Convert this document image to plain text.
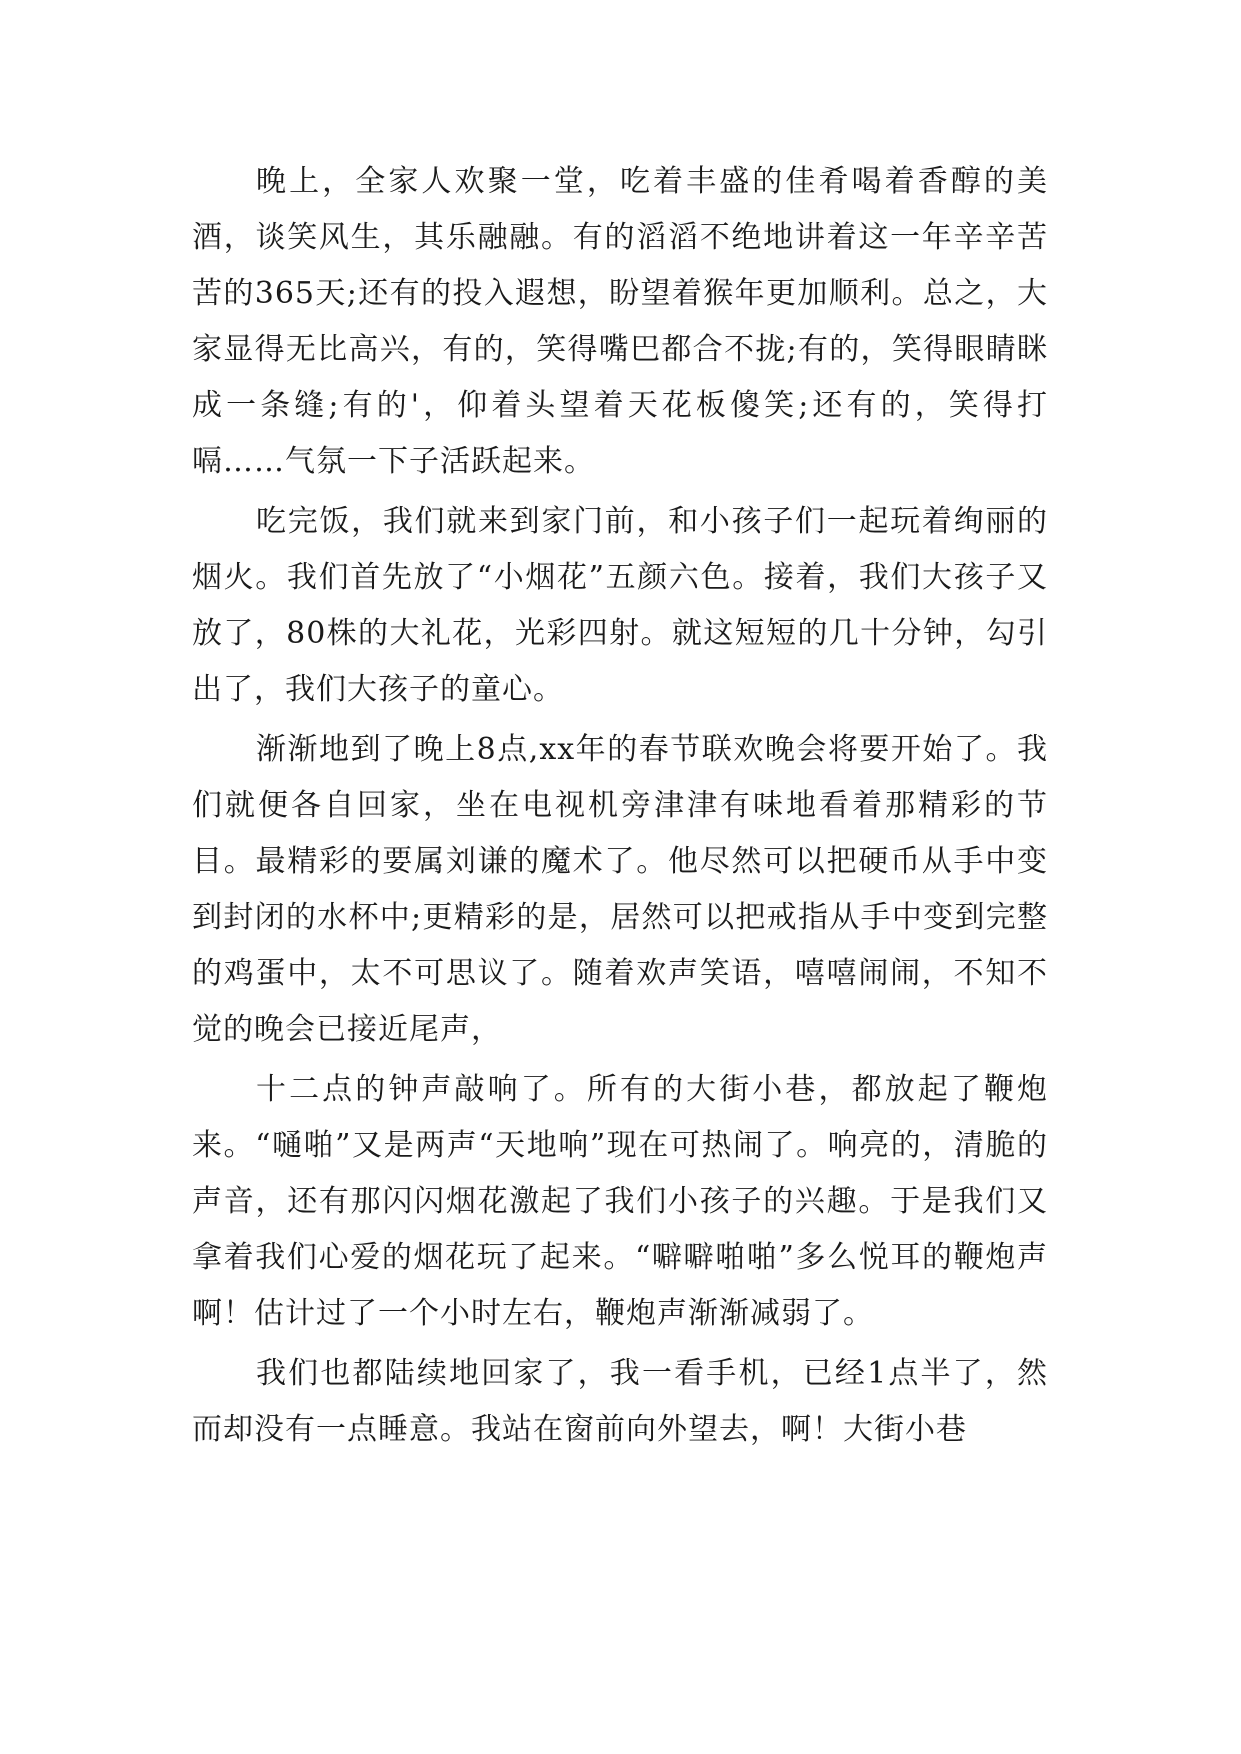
晚上，全家人欢聚一堂，吃着丰盛的佳肴喝着香醇的美酒，谈笑风生，其乐融融。有的滔滔不绝地讲着这一年辛辛苦苦的365天;还有的投入遐想，盼望着猴年更加顺利。总之，大家显得无比高兴，有的，笑得嘴巴都合不拢;有的，笑得眼睛眯成一条缝;有的'，仰着头望着天花板傻笑;还有的，笑得打嗝……气氛一下子活跃起来。

吃完饭，我们就来到家门前，和小孩子们一起玩着绚丽的烟火。我们首先放了“小烟花”五颜六色。接着，我们大孩子又放了，80株的大礼花，光彩四射。就这短短的几十分钟，勾引出了，我们大孩子的童心。

渐渐地到了晚上8点,xx年的春节联欢晚会将要开始了。我们就便各自回家，坐在电视机旁津津有味地看着那精彩的节目。最精彩的要属刘谦的魔术了。他尽然可以把硬币从手中变到封闭的水杯中;更精彩的是，居然可以把戒指从手中变到完整的鸡蛋中，太不可思议了。随着欢声笑语，嘻嘻闹闹，不知不觉的晚会已接近尾声，

十二点的钟声敲响了。所有的大街小巷，都放起了鞭炮来。“嗵啪”又是两声“天地响”现在可热闹了。响亮的，清脆的声音，还有那闪闪烟花激起了我们小孩子的兴趣。于是我们又拿着我们心爱的烟花玩了起来。“噼噼啪啪”多么悦耳的鞭炮声啊！估计过了一个小时左右，鞭炮声渐渐减弱了。

我们也都陆续地回家了，我一看手机，已经1点半了，然而却没有一点睡意。我站在窗前向外望去，啊！大街小巷
